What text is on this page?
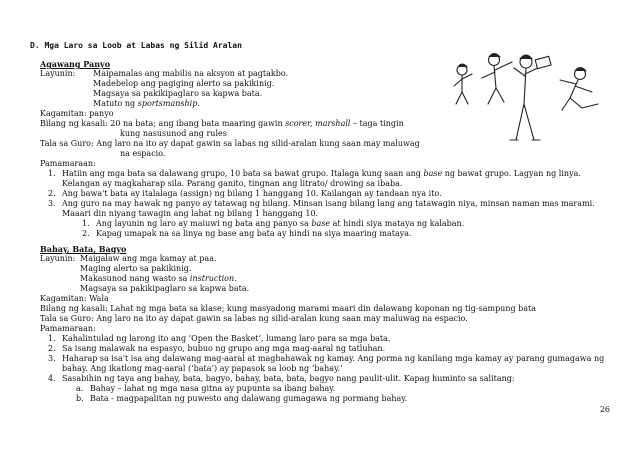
D. Mga Laro sa Loob at Labas ng Silid Aralan
Agawang Panyo
Layunin: Maipamalas ang mabilis na aksyon at pagtakbo.
Madebelop ang pagiging alerto sa pakikinig.
Magsaya sa pakikipaglaro sa kapwa bata.
Matuto ng sportsmanship.
Kagamitan: panyo
Bilang ng kasali: 20 na bata; ang ibang bata maaring gawin scorer, marshall – taga tingin
kung nasusunod ang rules
Tala sa Guro: Ang laro na ito ay dapat gawin sa labas ng silid-aralan kung saan may maluwag
na espacio.
Pamamaraan:
1. Hatiin ang mga bata sa dalawang grupo, 10 bata sa bawat grupo. Italaga kung saan ang base ng bawat grupo. Lagyan ng linya.
Kelangan ay magkaharap sila. Parang ganito, tingnan ang litrato/ drowing sa ibaba.
2. Ang bawa't bata ay italalaga (assign) ng bilang 1 hanggang 10. Kailangan ay tandaan nya ito.
3. Ang guro na may hawak ng panyo ay tatawag ng bilang. Minsan isang bilang lang ang tatawagin niya, minsan naman mas marami.
Maaari din niyang tawagin ang lahat ng bilang 1 hanggang 10.
1. Ang layunin ng laro ay maiuwi ng bata ang panyo sa base at hindi siya mataya ng kalaban.
2. Kapag umapak na sa linya ng base ang bata ay hindi na siya maaring mataya.
Bahay, Bata, Bagyo
Layunin: Maigalaw ang mga kamay at paa.
Maging alerto sa pakikinig.
Makasunod nang wasto sa instruction.
Magsaya sa pakikipaglaro sa kapwa bata.
Kagamitan: Wala
Bilang ng kasali: Lahat ng mga bata sa klase; kung masyadong marami maari din dalawang koponan ng tig-sampung bata
Tala sa Guro: Ang laro na ito ay dapat gawin sa labas ng silid-aralan kung saan may maluwag na espacio.
Pamamaraan:
1. Kahalintulad ng larong ito ang ‘Open the Basket’, lumang laro para sa mga bata.
2. Sa isang malawak na espasyo, bubuo ng grupo ang mga mag-aaral ng tatluhan.
3. Haharap sa isa't isa ang dalawang mag-aaral at maghahawak ng kamay. Ang porma ng kanilang mga kamay ay parang gumagawa ng
bahay. Ang ikatlong mag-aaral (‘bata’) ay papasok sa loob ng ‘bahay.’
4. Sasabihin ng taya ang bahay, bata, bagyo, bahay, bata, bata, bagyo nang paulit-ulit. Kapag huminto sa salitang:
a. Bahay – lahat ng mga nasa gitna ay pupunta sa ibang bahay.
b. Bata - magpapalitan ng puwesto ang dalawang gumagawa ng pormang bahay.
26
